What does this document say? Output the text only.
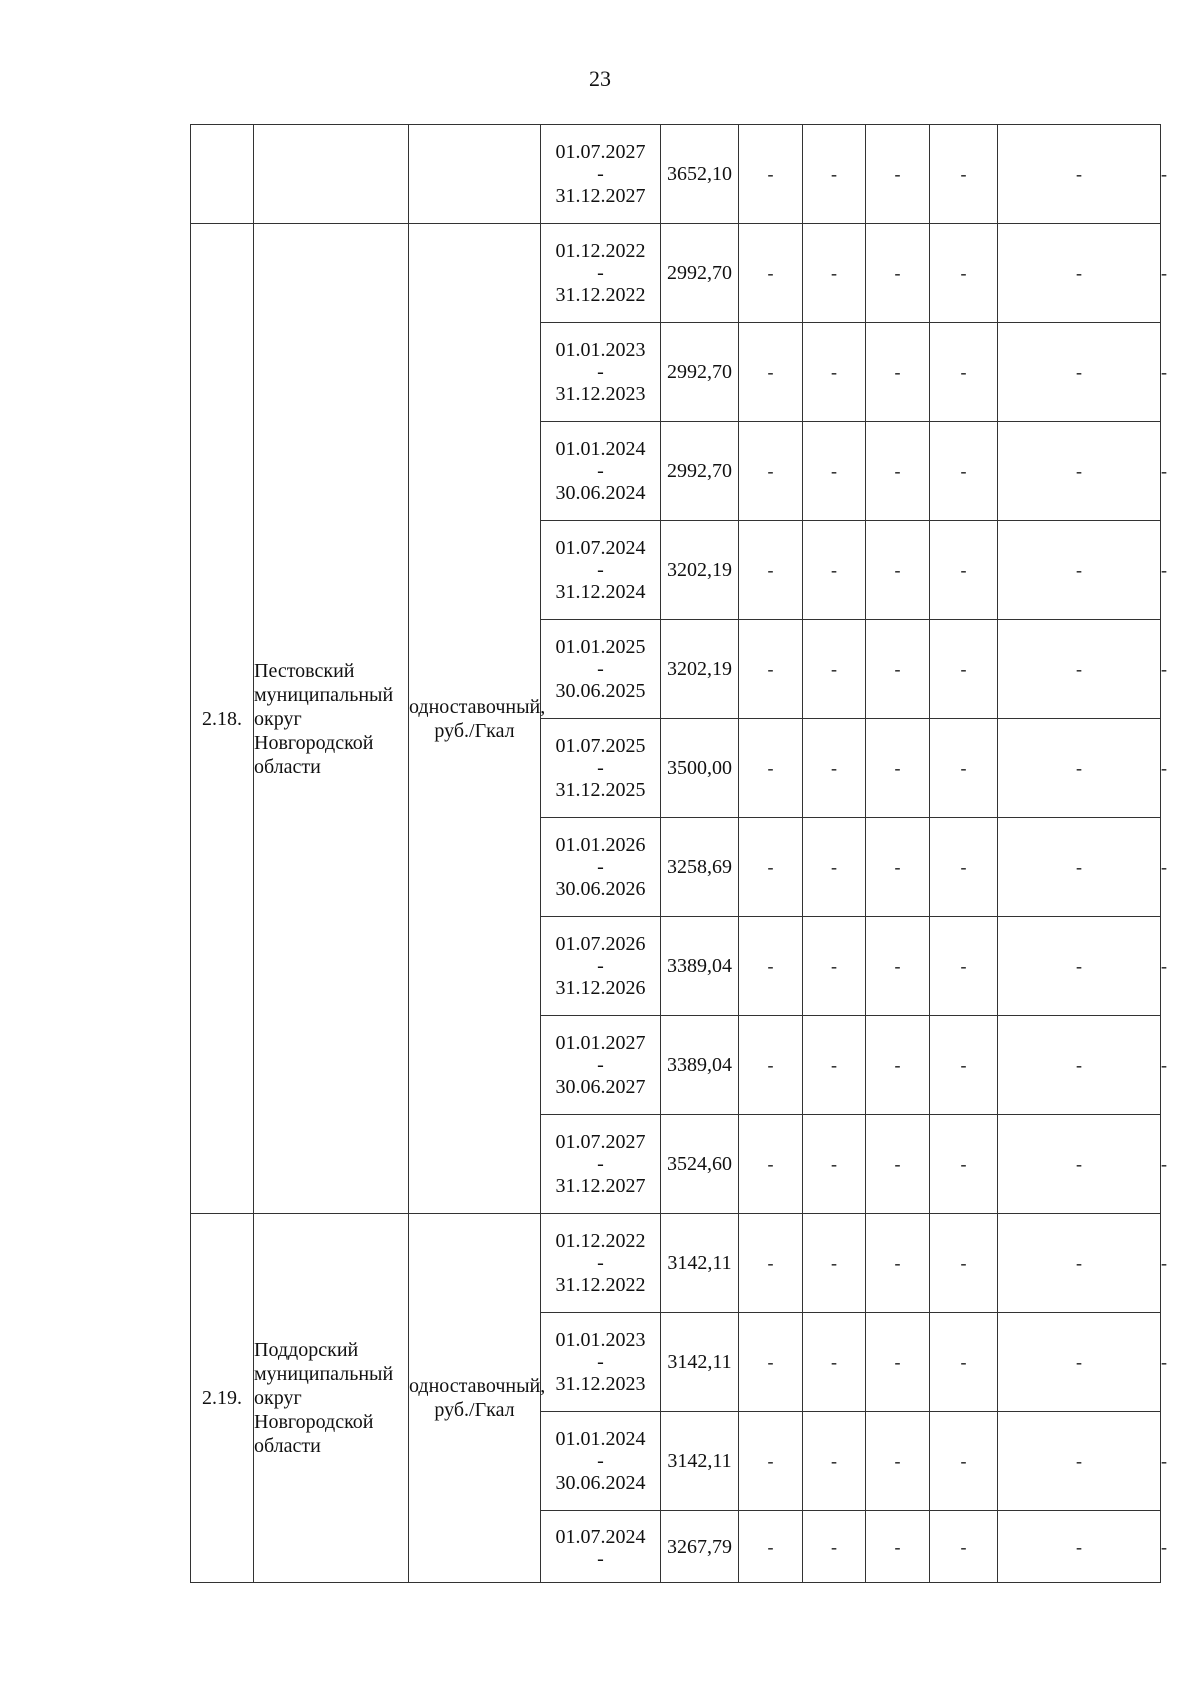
23

			01.07.2027
-
31.12.2027	3652,10	-	-	-	-	-	-
2.18.	Пестовский муниципальный округ Новгородской области	одноставочный, руб./Гкал	01.12.2022
-
31.12.2022	2992,70	-	-	-	-	-	-

			01.01.2023
-
31.12.2023	2992,70	-	-	-	-	-	-

			01.01.2024
-
30.06.2024	2992,70	-	-	-	-	-	-

			01.07.2024
-
31.12.2024	3202,19	-	-	-	-	-	-

			01.01.2025
-
30.06.2025	3202,19	-	-	-	-	-	-

			01.07.2025
-
31.12.2025	3500,00	-	-	-	-	-	-

			01.01.2026
-
30.06.2026	3258,69	-	-	-	-	-	-

			01.07.2026
-
31.12.2026	3389,04	-	-	-	-	-	-

			01.01.2027
-
30.06.2027	3389,04	-	-	-	-	-	-

			01.07.2027
-
31.12.2027	3524,60	-	-	-	-	-	-
2.19.	Поддорский муниципальный округ Новгородской области	одноставочный, руб./Гкал	01.12.2022
-
31.12.2022	3142,11	-	-	-	-	-	-

			01.01.2023
-
31.12.2023	3142,11	-	-	-	-	-	-

			01.01.2024
-
30.06.2024	3142,11	-	-	-	-	-	-

			01.07.2024
-	3267,79	-	-	-	-	-	-
